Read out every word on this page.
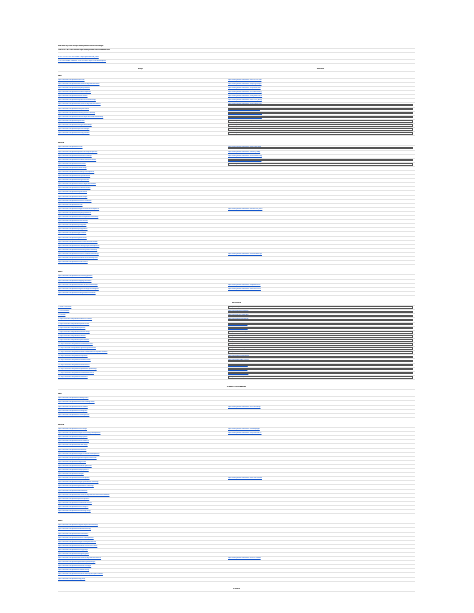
DSA Sheet by PRINCE https://www.youtube.com/c/PrinceSingh/
CHECKOUT MY DSA Channel https://www.youtube.com/c/DSAwithPrince
HOW TO FOLLOW THIS SHEET https://youtu.be/DSA_sheet
JOIN TELEGRAM CHANNEL FOR UPDATES https://t.me/dsawithprince
Arrays	Reference
EASY
https://leetcode.com/problems/two-sum/	https://www.youtube.com/watch?v=KLlXCFG5TnA
https://leetcode.com/problems/best-time-to-buy-and-sell-stock/	https://www.youtube.com/watch?v=1pkOgXD63yU
https://leetcode.com/problems/majority-element/	https://www.youtube.com/watch?v=7pnhv842keE
https://leetcode.com/problems/contains-duplicate/	https://www.youtube.com/watch?v=3OamzN90kPg
https://leetcode.com/problems/move-zeroes/	https://www.youtube.com/watch?v=aayNRwUN3Do
https://leetcode.com/problems/squares-of-a-sorted-array/	https://www.youtube.com/watch?v=FPCZsG_AkUg
https://leetcode.com/problems/best-time-to-buy-and-sell-stock-ii/	https://www.youtube.com/watch?v=3SJ3pUkPQMc
https://leetcode.com/problems/find-pivot-index/	https://www.youtube.com/watch?v=u89i60lYx8U
https://leetcode.com/problems/running-sum-of-1d-array/	https://www.youtube.com/watch?v=MwwYJ2lHmqE
https://leetcode.com/problems/remove-duplicates-from-sorted-array/	https://www.youtube.com/watch?v=DEJAZBq0FDA
https://leetcode.com/problems/plus-one/	https://www.youtube.com/watch?v=jIaA8boiG1s
https://leetcode.com/problems/merge-sorted-array/	https://www.youtube.com/watch?v=P1Ic85RarKY
https://leetcode.com/problems/pascals-triangle/	https://www.youtube.com/watch?v=nPVEaB3AjUM
https://leetcode.com/problems/missing-number/	https://www.youtube.com/watch?v=WnPLSRLSANE
MEDIUM
https://leetcode.com/problems/3sum/	https://www.youtube.com/watch?v=jzZsG8n2R9A
https://leetcode.com/problems/product-of-array-except-self/	https://www.youtube.com/watch?v=bNvIQI2wAjk
https://leetcode.com/problems/maximum-subarray/	https://www.youtube.com/watch?v=5WZl3MMT0Eg
https://leetcode.com/problems/container-with-most-water/	https://www.youtube.com/watch?v=UuiTKBwPgAo
https://leetcode.com/problems/sort-colors/	https://www.youtube.com/watch?v=4xbWSRZHqac
https://leetcode.com/problems/rotate-array/
https://leetcode.com/problems/subarray-sum-equals-k/
https://leetcode.com/problems/next-permutation/
https://leetcode.com/problems/merge-intervals/
https://leetcode.com/problems/find-the-duplicate-number/
https://leetcode.com/problems/set-matrix-zeroes/
https://leetcode.com/problems/spiral-matrix/
https://leetcode.com/problems/rotate-image/
https://leetcode.com/problems/search-a-2d-matrix/
https://leetcode.com/problems/4sum/
https://leetcode.com/problems/longest-consecutive-sequence/	https://www.youtube.com/watch?v=P6RZZMu_maU
https://leetcode.com/problems/majority-element-ii/
https://leetcode.com/problems/find-all-duplicates-in-an-array/
https://leetcode.com/problems/insert-interval/
https://leetcode.com/problems/jump-game/
https://leetcode.com/problems/jump-game-ii/
https://leetcode.com/problems/gas-station/
https://leetcode.com/problems/game-of-life/
https://leetcode.com/problems/max-chunks-to-make-sorted/
https://leetcode.com/problems/increasing-triplet-subsequence/
https://leetcode.com/problems/maximum-product-subarray/
https://leetcode.com/problems/search-in-rotated-sorted-array/	https://www.youtube.com/watch?v=U8XENwh8Oy8
https://leetcode.com/problems/minimum-size-subarray-sum/
https://leetcode.com/problems/3sum-closest/
HARD
https://leetcode.com/problems/first-missing-positive/
https://leetcode.com/problems/trapping-rain-water/
https://leetcode.com/problems/median-of-two-sorted-arrays/	https://www.youtube.com/watch?v=q6IEA26hvXc
https://leetcode.com/problems/largest-rectangle-in-histogram/	https://www.youtube.com/watch?v=zx5Sw9130L0
https://leetcode.com/problems/sliding-window-maximum/
RECURSION
1. What is recursion	https://youtu.be/yVdKa8dnKiE
2. Print Numbers	https://youtu.be/M2uO0ylx8Kw
3. Factorial	https://youtu.be/3vJ1DEw1eAY
4. https://leetcode.com/problems/fibonacci-number/	https://youtu.be/nKI0sxWgF1A
5. https://leetcode.com/problems/power-of-two/	https://youtu.be/kTf-iEuO7sM
6. https://leetcode.com/problems/powx-n/	https://youtu.be/wAyrtLAeWvI
7. https://leetcode.com/problems/reverse-string/	https://youtu.be/tl2fiBK6nvg
8. https://leetcode.com/problems/subsets/	https://youtu.be/AxNNVECce8c
9. https://leetcode.com/problems/permutations/	https://youtu.be/a0V51v3hk5A
10. https://leetcode.com/problems/combination-sum/	https://youtu.be/aG2tP1Xm2dY
11. https://leetcode.com/problems/generate-parentheses/	https://youtu.be/s9fokUqJ76A
12. https://leetcode.com/problems/letter-combinations-of-a-phone-number/	https://youtu.be/0snEunUacZY
13. https://leetcode.com/problems/n-queens/	https://youtu.be/Ph95IHmRp5M
14. https://leetcode.com/problems/sudoku-solver/	https://youtu.be/FWAIf_EVUKE
15. https://leetcode.com/problems/word-search/	https://youtu.be/pfiQ_PS1g8E
16. https://leetcode.com/problems/palindrome-partitioning/	https://youtu.be/3jvWodd7ht0
17. https://leetcode.com/problems/combination-sum-ii/	https://youtu.be/rSA3t6BDDwg
18. https://leetcode.com/problems/subsets-ii/	https://youtu.be/Vn2v6ajA7U0
DYNAMIC PROGRAMMING
EASY
https://leetcode.com/problems/climbing-stairs/
https://leetcode.com/problems/min-cost-climbing-stairs/
https://leetcode.com/problems/house-robber/	https://www.youtube.com/watch?v=73r3KWiEvyk
https://leetcode.com/problems/counting-bits/
https://leetcode.com/problems/is-subsequence/
MEDIUM
https://leetcode.com/problems/coin-change/	https://www.youtube.com/watch?v=H9bfqozjoqs
https://leetcode.com/problems/longest-increasing-subsequence/	https://www.youtube.com/watch?v=cjWnW0hdF1Y
https://leetcode.com/problems/unique-paths/
https://leetcode.com/problems/house-robber-ii/
https://leetcode.com/problems/decode-ways/
https://leetcode.com/problems/word-break/
https://leetcode.com/problems/longest-common-subsequence/
https://leetcode.com/problems/partition-equal-subset-sum/
https://leetcode.com/problems/target-sum/
https://leetcode.com/problems/minimum-path-sum/
https://leetcode.com/problems/unique-paths-ii/
https://leetcode.com/problems/triangle/
https://leetcode.com/problems/maximal-square/	https://www.youtube.com/watch?v=6X7Ha2PrDmM
https://leetcode.com/problems/longest-palindromic-substring/
https://leetcode.com/problems/palindromic-substrings/
https://leetcode.com/problems/edit-distance/
https://leetcode.com/problems/best-time-to-buy-and-sell-stock-with-cooldown/
https://leetcode.com/problems/perfect-squares/
https://leetcode.com/problems/combination-sum-iv/
https://leetcode.com/problems/coin-change-2/
https://leetcode.com/problems/interleaving-string/
HARD
https://leetcode.com/problems/regular-expression-matching/
https://leetcode.com/problems/wildcard-matching/
https://leetcode.com/problems/burst-balloons/
https://leetcode.com/problems/distinct-subsequences/
https://leetcode.com/problems/longest-valid-parentheses/
https://leetcode.com/problems/minimum-cost-to-cut-a-stick/
https://leetcode.com/problems/cherry-pickup/
https://leetcode.com/problems/dungeon-game/
https://leetcode.com/problems/best-time-to-buy-and-sell-stock-iv/	https://www.youtube.com/watch?v=3YILP-PdEJA
https://leetcode.com/problems/palindrome-partitioning-ii/
https://leetcode.com/problems/maximal-rectangle/
https://leetcode.com/problems/scramble-string/
https://leetcode.com/problems/minimum-difficulty-of-a-job-schedule/
https://leetcode.com/problems/frog-jump/
STRINGS
